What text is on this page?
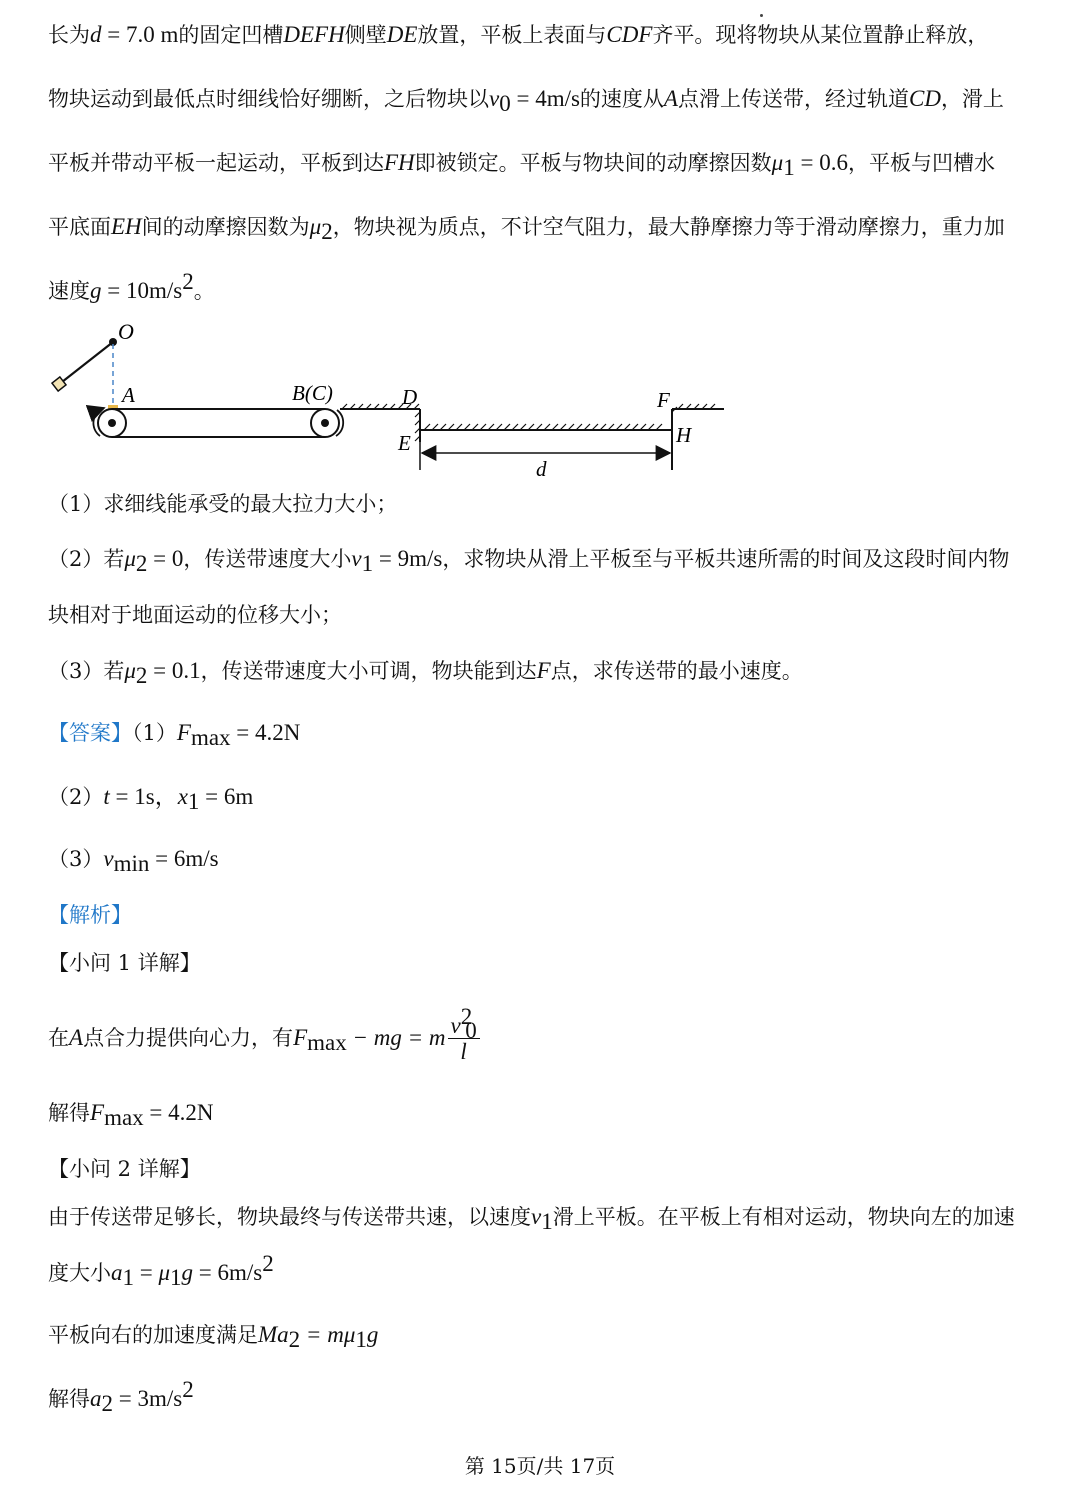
长为d = 7.0 m的固定凹槽DEFH侧壁DE放置，平板上表面与CDF齐平。现将物块从某位置静止释放，
物块运动到最低点时细线恰好绷断，之后物块以$v_0 = 4m/s$的速度从A点滑上传送带，经过轨道CD，滑上
平板并带动平板一起运动，平板到达FH即被锁定。平板与物块间的动摩擦因数$\mu_1 = 0.6$，平板与凹槽水
平底面EH间的动摩擦因数为$\mu_2$，物块视为质点，不计空气阻力，最大静摩擦力等于滑动摩擦力，重力加
速度$g = 10m/s^2$。
O
A	B(C)	D
E
F
H
d
（1）求细线能承受的最大拉力大小；
（2）若$\mu_2 = 0$，传送带速度大小$v_1 = 9m/s$，求物块从滑上平板至与平板共速所需的时间及这段时间内物
块相对于地面运动的位移大小；
（3）若$\mu_2 = 0.1$，传送带速度大小可调，物块能到达F点，求传送带的最小速度。
【答案】$(1)F_{max} = 4.2N$
（2）t = 1s，$x_1 = 6m$
$(3)v_{min} = 6m/s$
【解析】
【小问 1 详解】
在A点合力提供向心力，有$F_{max}$ − mg = m $\frac{v^2_0}{l}$
解得$F_{max} = 4.2N$
【小问 2 详解】
由于传送带足够长，物块最终与传送带共速，以速度$v_1$滑上平板。在平板上有相对运动，物块向左的加速
度大小$a_1 = \mu_1g = 6m/s^2$
平板向右的加速度满足$Ma_2 = m\mu_1g$
解得$a_2 = 3m/s^2$
第 15页/共 17页
